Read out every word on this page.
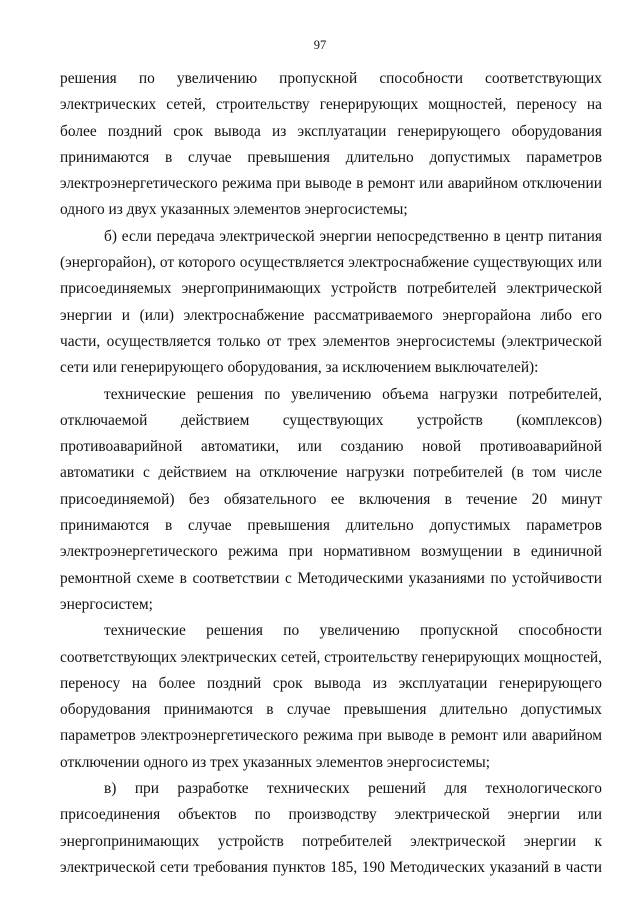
97

решения по увеличению пропускной способности соответствующих электрических сетей, строительству генерирующих мощностей, переносу на более поздний срок вывода из эксплуатации генерирующего оборудования принимаются в случае превышения длительно допустимых параметров электроэнергетического режима при выводе в ремонт или аварийном отключении одного из двух указанных элементов энергосистемы;

б) если передача электрической энергии непосредственно в центр питания (энергорайон), от которого осуществляется электроснабжение существующих или присоединяемых энергопринимающих устройств потребителей электрической энергии и (или) электроснабжение рассматриваемого энергорайона либо его части, осуществляется только от трех элементов энергосистемы (электрической сети или генерирующего оборудования, за исключением выключателей):

технические решения по увеличению объема нагрузки потребителей, отключаемой действием существующих устройств (комплексов) противоаварийной автоматики, или созданию новой противоаварийной автоматики с действием на отключение нагрузки потребителей (в том числе присоединяемой) без обязательного ее включения в течение 20 минут принимаются в случае превышения длительно допустимых параметров электроэнергетического режима при нормативном возмущении в единичной ремонтной схеме в соответствии с Методическими указаниями по устойчивости энергосистем;

технические решения по увеличению пропускной способности соответствующих электрических сетей, строительству генерирующих мощностей, переносу на более поздний срок вывода из эксплуатации генерирующего оборудования принимаются в случае превышения длительно допустимых параметров электроэнергетического режима при выводе в ремонт или аварийном отключении одного из трех указанных элементов энергосистемы;

в) при разработке технических решений для технологического присоединения объектов по производству электрической энергии или энергопринимающих устройств потребителей электрической энергии к электрической сети требования пунктов 185, 190 Методических указаний в части
